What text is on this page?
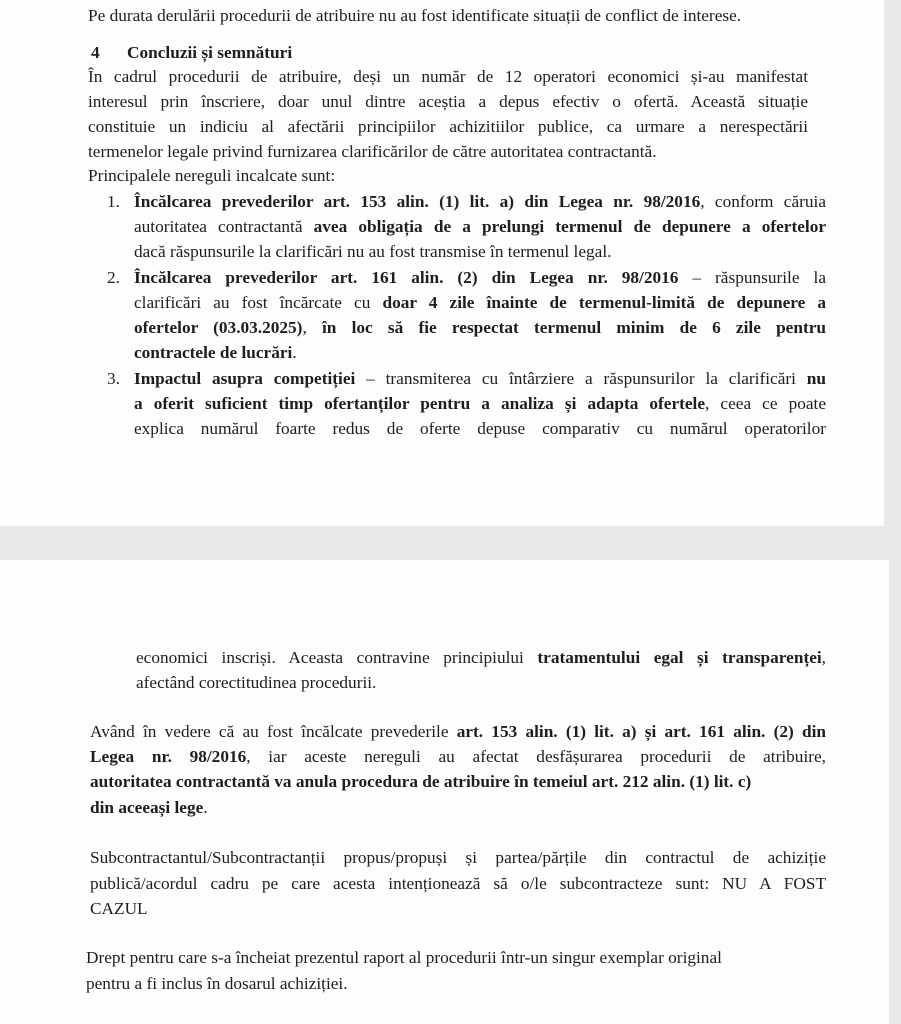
Pe durata derulării procedurii de atribuire nu au fost identificate situații de conflict de interese.
4 Concluzii și semnături
În cadrul procedurii de atribuire, deși un număr de 12 operatori economici și-au manifestat
interesul prin înscriere, doar unul dintre aceștia a depus efectiv o ofertă. Această situație
constituie un indiciu al afectării principiilor achizitiilor publice, ca urmare a nerespectării
termenelor legale privind furnizarea clarificărilor de către autoritatea contractantă.
Principalele nereguli incalcate sunt:
1. Încălcarea prevederilor art. 153 alin. (1) lit. a) din Legea nr. 98/2016, conform căruia
autoritatea contractantă avea obligația de a prelungi termenul de depunere a ofertelor
dacă răspunsurile la clarificări nu au fost transmise în termenul legal.
2. Încălcarea prevederilor art. 161 alin. (2) din Legea nr. 98/2016 – răspunsurile la
clarificări au fost încărcate cu doar 4 zile înainte de termenul-limită de depunere a
ofertelor (03.03.2025), în loc să fie respectat termenul minim de 6 zile pentru
contractele de lucrări.
3. Impactul asupra competiției – transmiterea cu întârziere a răspunsurilor la clarificări nu
a oferit suficient timp ofertanților pentru a analiza și adapta ofertele, ceea ce poate
explica numărul foarte redus de oferte depuse comparativ cu numărul operatorilor
economici inscriși. Aceasta contravine principiului tratamentului egal și transparenței,
afectând corectitudinea procedurii.
Având în vedere că au fost încălcate prevederile art. 153 alin. (1) lit. a) și art. 161 alin. (2) din
Legea nr. 98/2016, iar aceste nereguli au afectat desfășurarea procedurii de atribuire,
autoritatea contractantă va anula procedura de atribuire în temeiul art. 212 alin. (1) lit. c)
din aceeași lege.
Subcontractantul/Subcontractanții propus/propuși și partea/părțile din contractul de achiziție
publică/acordul cadru pe care acesta intenționează să o/le subcontracteze sunt: NU A FOST
CAZUL
Drept pentru care s-a încheiat prezentul raport al procedurii într-un singur exemplar original
pentru a fi inclus în dosarul achiziției.
